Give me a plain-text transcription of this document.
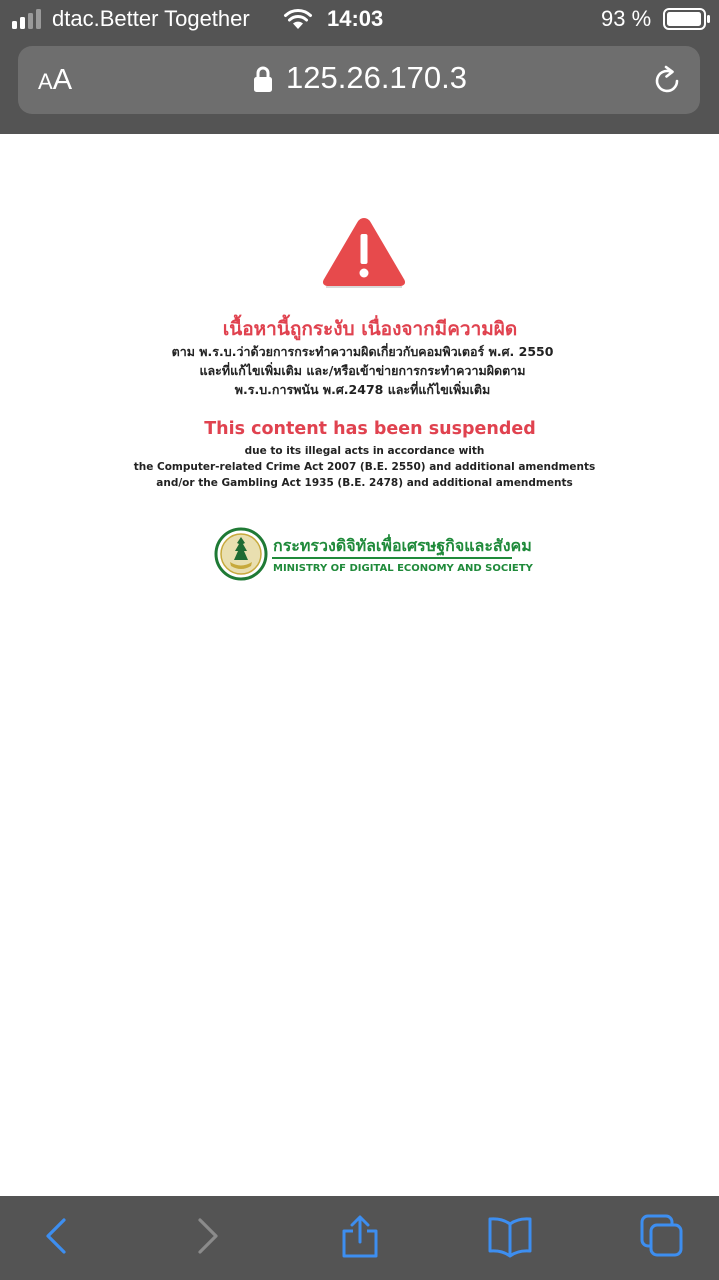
dtac.Better Together	14:03	93 %
AA	125.26.170.3
เนื้อหานี้ถูกระงับ เนื่องจากมีความผิด
ตาม พ.ร.บ.ว่าด้วยการกระทำความผิดเกี่ยวกับคอมพิวเตอร์ พ.ศ. 2550
และที่แก้ไขเพิ่มเติม และ/หรือเข้าข่ายการกระทำความผิดตาม
พ.ร.บ.การพนัน พ.ศ.2478 และที่แก้ไขเพิ่มเติม
This content has been suspended
due to its illegal acts in accordance with
the Computer-related Crime Act 2007 (B.E. 2550) and additional amendments
and/or the Gambling Act 1935 (B.E. 2478) and additional amendments
กระทรวงดิจิทัลเพื่อเศรษฐกิจและสังคม
MINISTRY OF DIGITAL ECONOMY AND SOCIETY
